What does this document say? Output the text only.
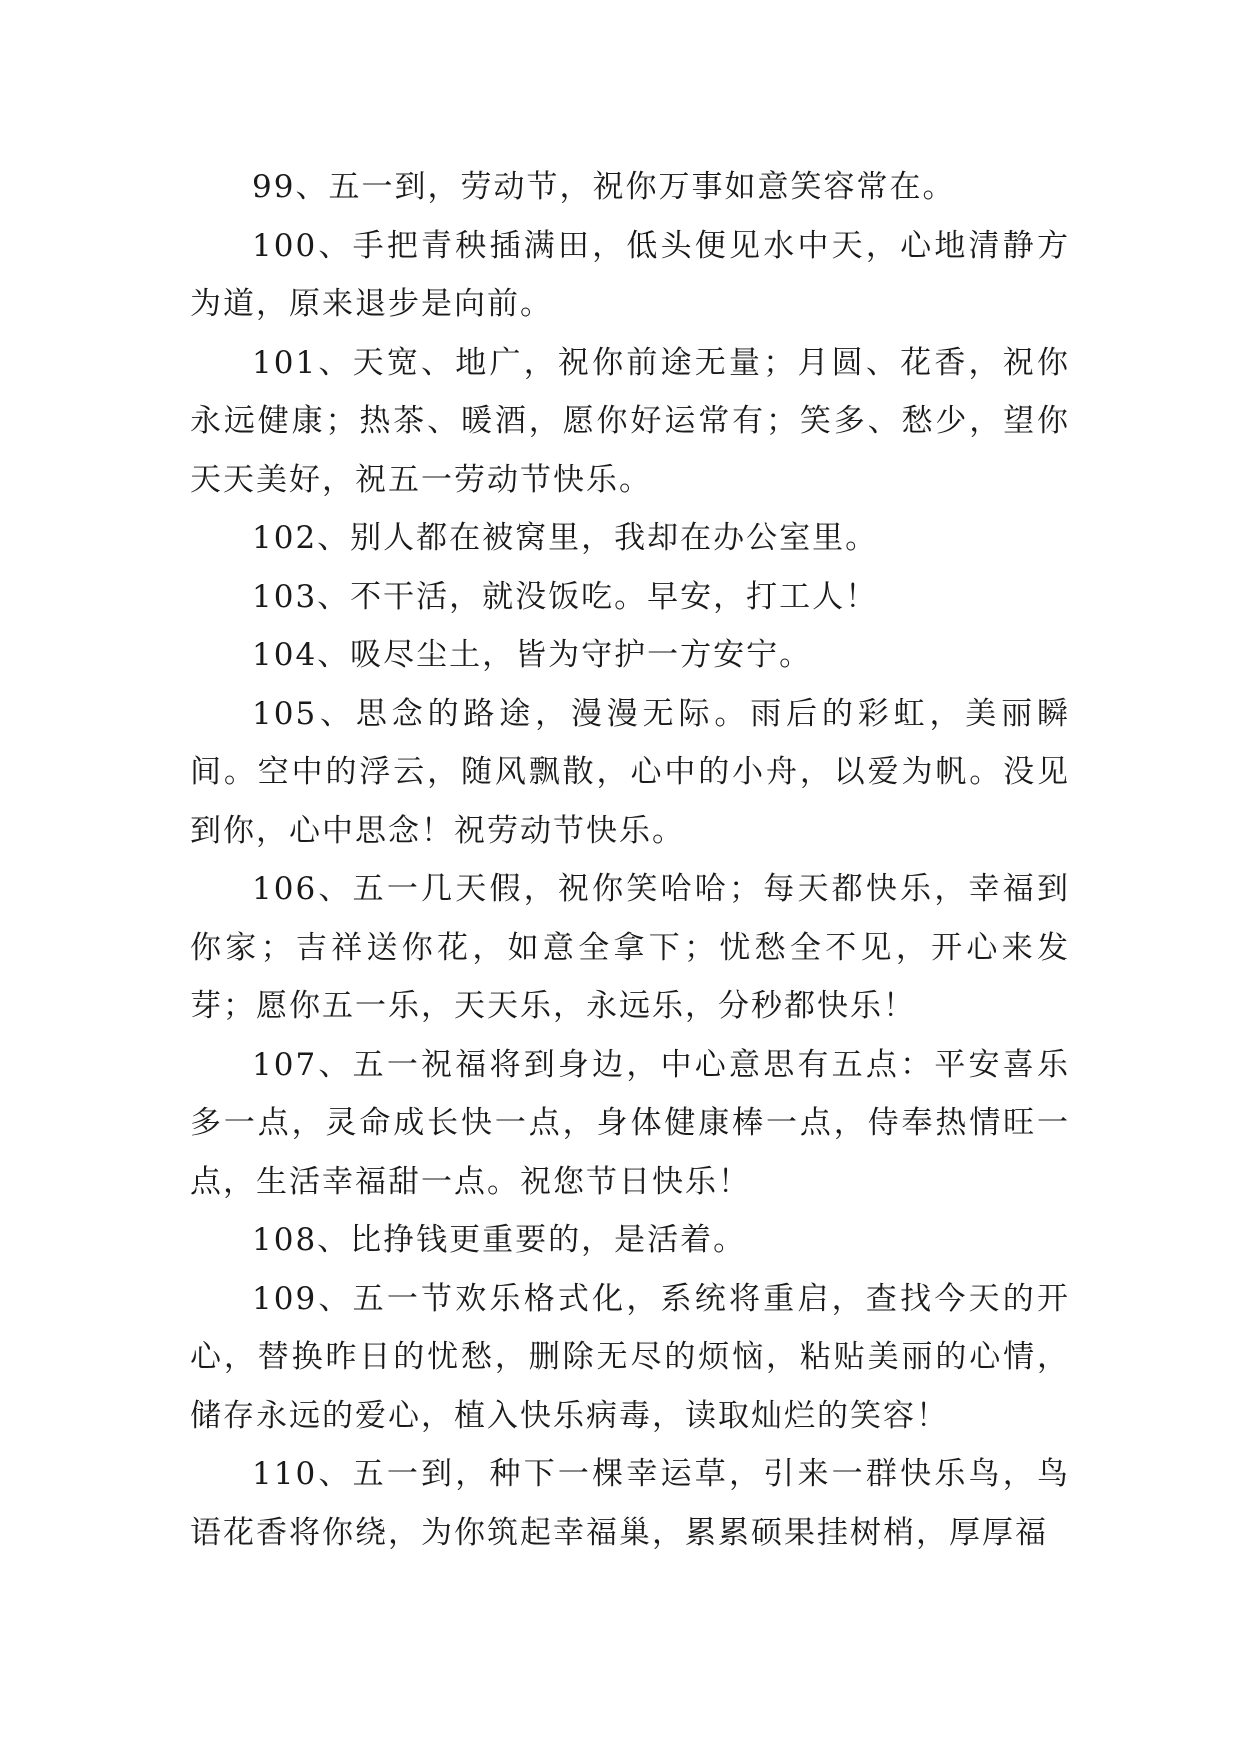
99、五一到，劳动节，祝你万事如意笑容常在。

100、手把青秧插满田，低头便见水中天，心地清静方为道，原来退步是向前。

101、天宽、地广，祝你前途无量；月圆、花香，祝你永远健康；热茶、暖酒，愿你好运常有；笑多、愁少，望你天天美好，祝五一劳动节快乐。

102、别人都在被窝里，我却在办公室里。

103、不干活，就没饭吃。早安，打工人！

104、吸尽尘土，皆为守护一方安宁。

105、思念的路途，漫漫无际。雨后的彩虹，美丽瞬间。空中的浮云，随风飘散，心中的小舟，以爱为帆。没见到你，心中思念！祝劳动节快乐。

106、五一几天假，祝你笑哈哈；每天都快乐，幸福到你家；吉祥送你花，如意全拿下；忧愁全不见，开心来发芽；愿你五一乐，天天乐，永远乐，分秒都快乐！

107、五一祝福将到身边，中心意思有五点：平安喜乐多一点，灵命成长快一点，身体健康棒一点，侍奉热情旺一点，生活幸福甜一点。祝您节日快乐！

108、比挣钱更重要的，是活着。

109、五一节欢乐格式化，系统将重启，查找今天的开心，替换昨日的忧愁，删除无尽的烦恼，粘贴美丽的心情，储存永远的爱心，植入快乐病毒，读取灿烂的笑容！

110、五一到，种下一棵幸运草，引来一群快乐鸟，鸟语花香将你绕，为你筑起幸福巢，累累硕果挂树梢，厚厚福
